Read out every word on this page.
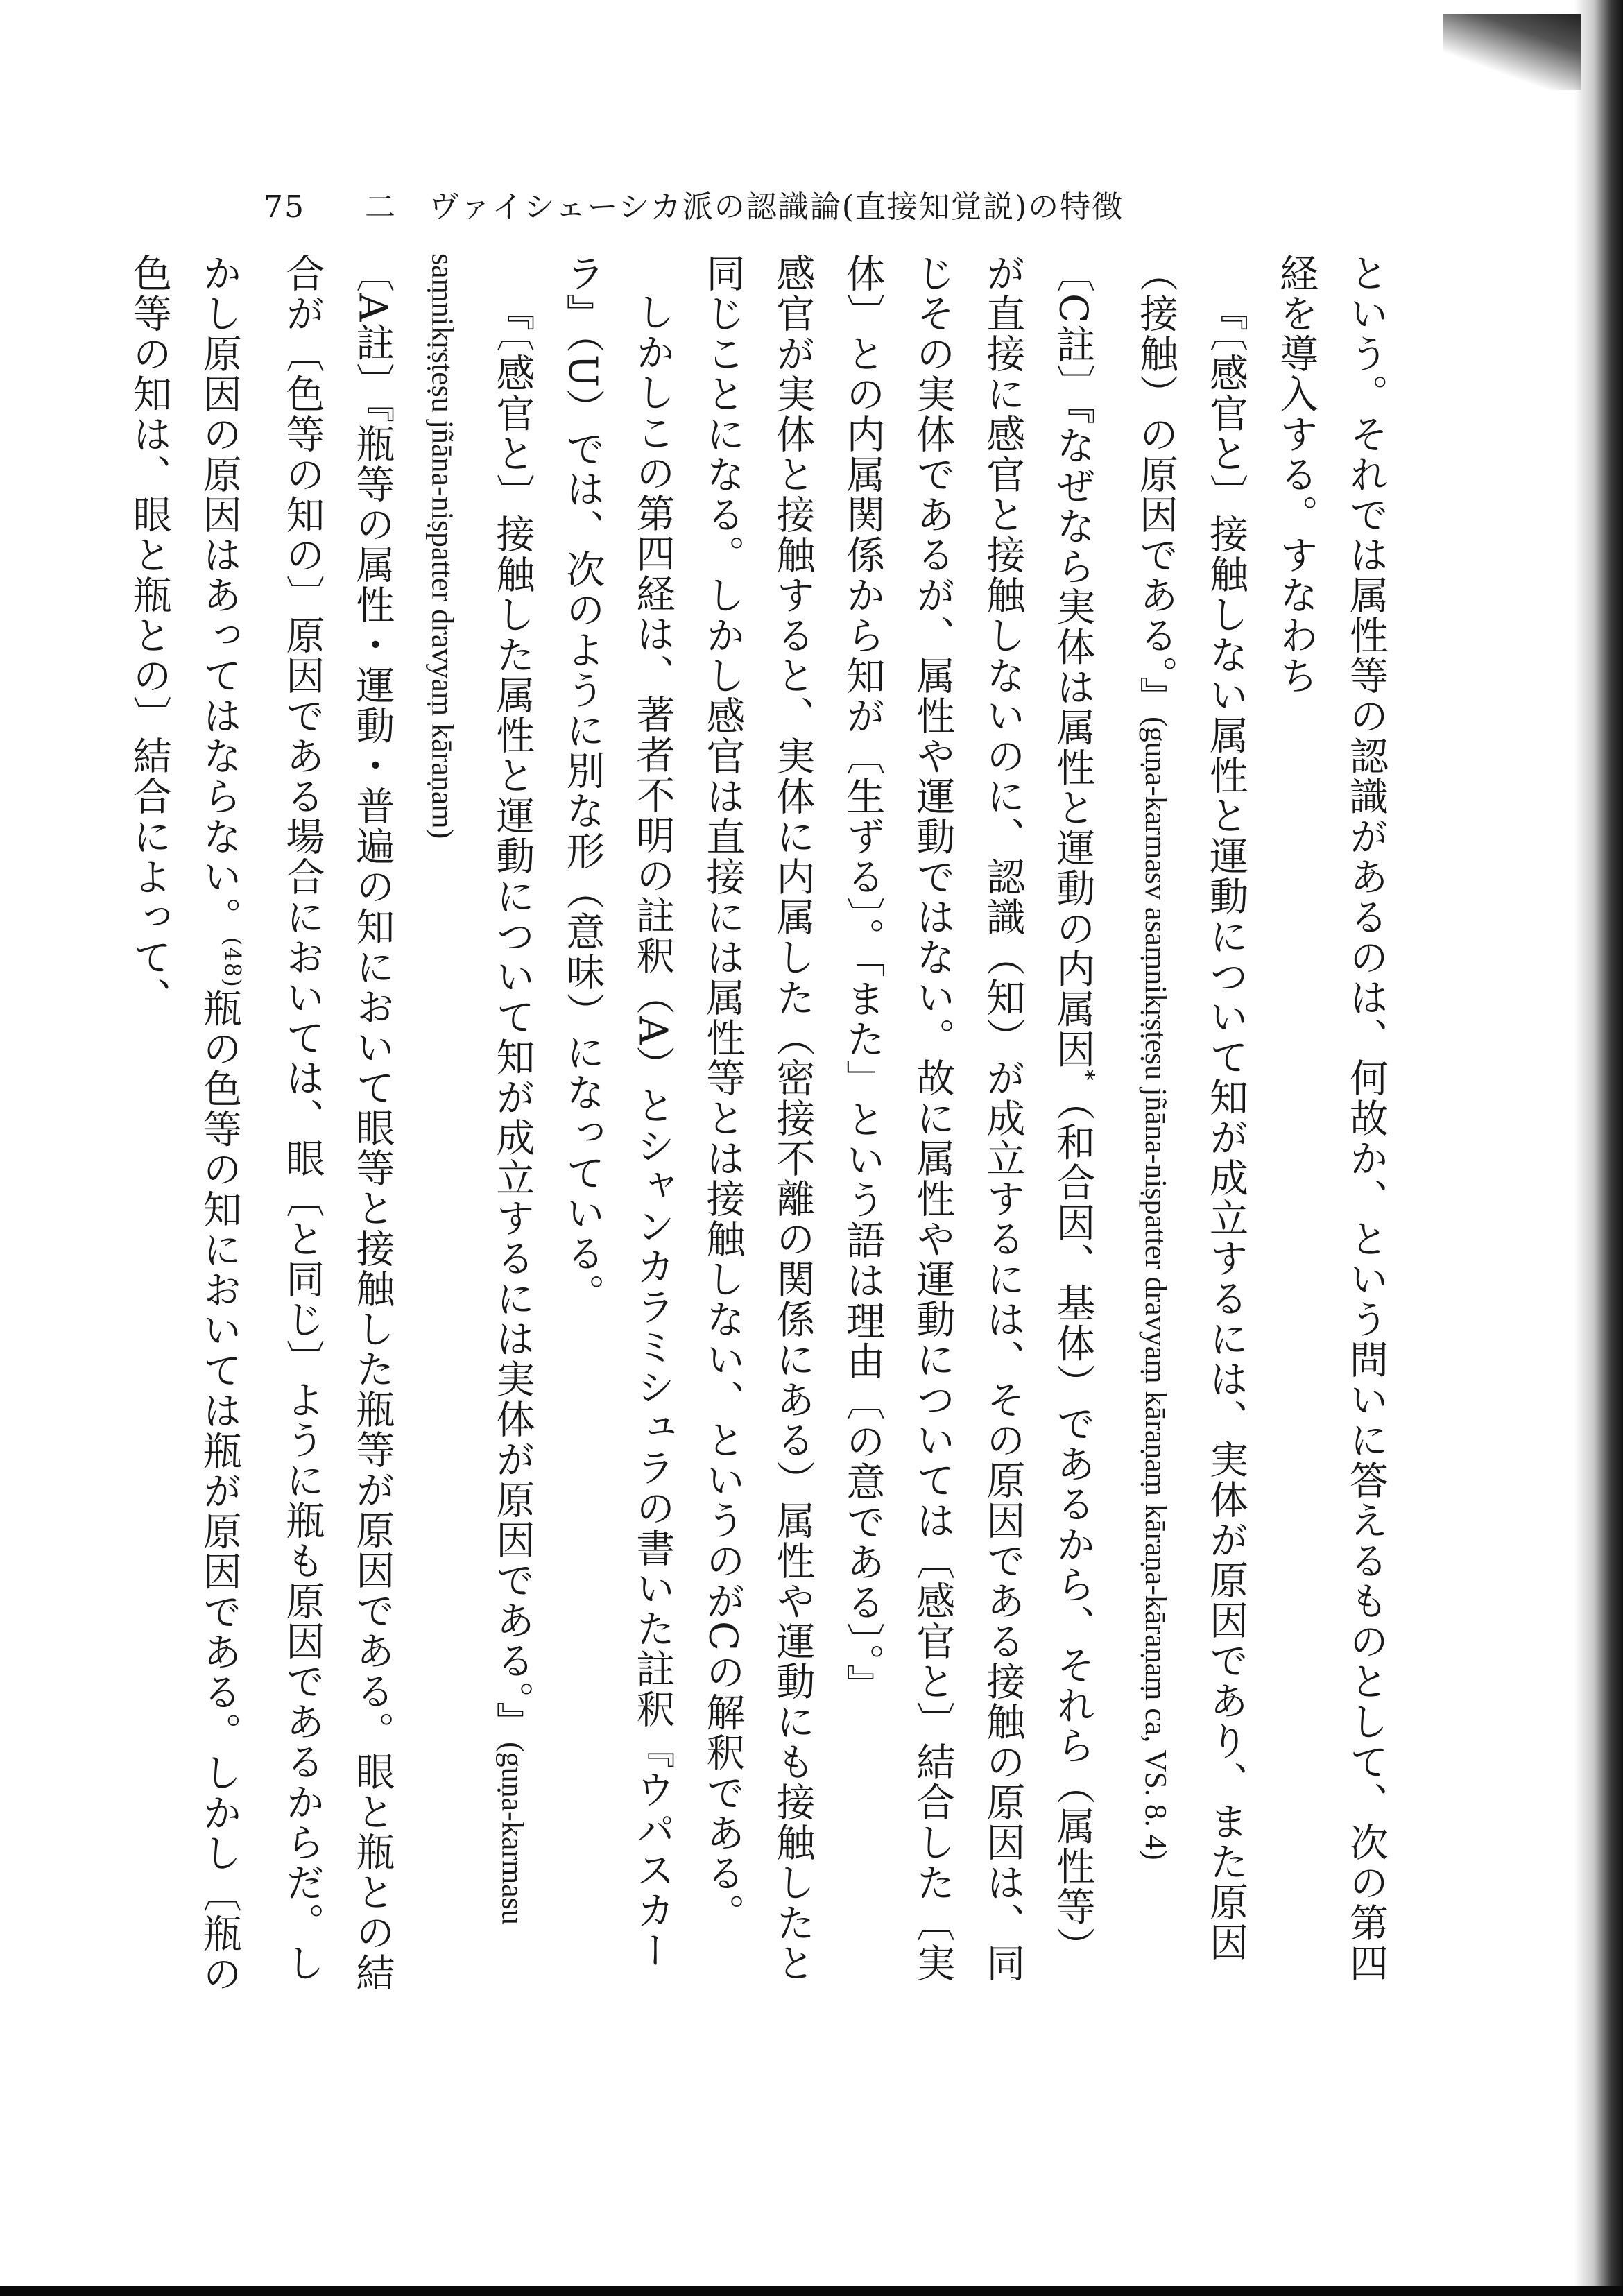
75 二　ヴァイシェーシカ派の認識論(直接知覚説)の特徴

という。それでは属性等の認識があるのは、何故か、という問いに答えるものとして、次の第四経を導入する。すなわち

『〔感官と〕接触しない属性と運動について知が成立するには、実体が原因であり、また原因（接触）の原因である。』(guṇa-karmasv asaṃnikṛṣṭeṣu jñāna-niṣpatter dravyaṃ kāraṇaṃ kāraṇa-kāraṇaṃ ca, VS. 8. 4)

〔C註〕『なぜなら実体は属性と運動の内属因*（和合因、基体）であるから、それら（属性等）が直接に感官と接触しないのに、認識（知）が成立するには、その原因である接触の原因は、同じその実体であるが、属性や運動ではない。故に属性や運動については〔感官と〕結合した〔実体〕との内属関係から知が〔生ずる〕。「また」という語は理由〔の意である〕。』

感官が実体と接触すると、実体に内属した（密接不離の関係にある）属性や運動にも接触したと同じことになる。しかし感官は直接には属性等とは接触しない、というのがCの解釈である。

しかしこの第四経は、著者不明の註釈（A）とシャンカラミシュラの書いた註釈『ウパスカーラ』（U）では、次のように別な形（意味）になっている。

『〔感官と〕接触した属性と運動について知が成立するには実体が原因である。』(guṇa-karmasu saṃnikṛṣṭeṣu jñāna-niṣpatter dravyaṃ kāraṇam)

〔A註〕『瓶等の属性・運動・普遍の知において眼等と接触した瓶等が原因である。眼と瓶との結合が〔色等の知の〕原因である場合においては、眼〔と同じ〕ように瓶も原因であるからだ。しかし原因の原因はあってはならない。$^{(48)}$瓶の色等の知においては瓶が原因である。しかし〔瓶の色等の知は、眼と瓶との〕結合によって、
